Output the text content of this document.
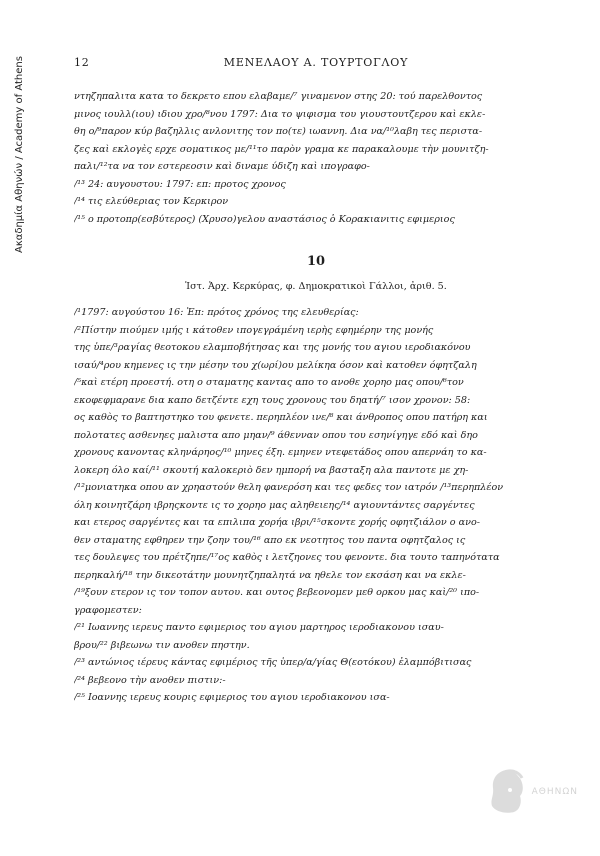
Ακαδημία Αθηνών / Academy of Athens	12	ΜΕΝΕΛΑΟΥ Α. ΤΟΥΡΤΟΓΛΟΥ

ντηζηπαλιτα κατα το δεκρετο επου ελαβαμε/⁷ γιναμενον στης 20: τού παρελθοντος

μινος ιουλλ(ιου) ιδιου χρο/⁸νου 1797: Δια το ψιφισμα του γιουστουτζερου καὶ εκλε-

θη ο/⁹παρον κύρ βαζηλλις ανλονιτης τον πο(τε) ιωαννη. Δια να/¹⁰λαβη τες περιστα-

ζες καὶ εκλογὲς ερχε σοματικος με/¹¹το παρὸν γραμα κε παρακαλουμε τὴν μουνιτζη-

παλι/¹²τα να τον εστερεοσιν καὶ διναμε ύδιζη καὶ ιπογραφο-

/¹³ 24: αυγουστου: 1797: επ: προτος χρονος

/¹⁴ τις ελεύθεριας τον Κερκιρον

/¹⁵ ο προτοπρ(εσβύτερος) (Χρυσο)γελου αναστάσιος ὁ Κορακιανιτις εφιμεριος

10
Ἱστ. Ἀρχ. Κερκύρας, φ. Δημοκρατικοὶ Γάλλοι, ἀριθ. 5.

/¹1797: αυγούστου 16: Ἐπ: πρότος χρόνος της ελευθερίας:

/²Πίστην πιούμεν ιμής ι κάτοθεν ιπογεγράμένη ιερὴς εφημέρην της μονής

της ὑπε/³ραγίας θεοτοκου ελαμποβήτησας και της μονής του αγιου ιεροδιακόνου

ισαύ/⁴ρου κημενες ις την μέσην του χ(ωρί)ου μελίκηα όσον καὶ κατοθεν όφητζαλη

/⁵καὶ ετέρη προεστή. οτη ο σταματης καντας απο το ανοθε χορηο μας οπου/⁶τον

εκοφεφμαρανε δια καπο δετζέντε εχη τους χρονους του δηατή/⁷ ισον χρονον: 58:

ος καθὸς το βαπτηστηκο του φενετε. περηπλέον ινε/⁸ και άνθροπος οπου πατήρη και

πολοτατες ασθενηες μαλιστα απο μηαν/⁹ άθενναν οπου του εσηνίγηγε εδό καὶ δηο

χρονους κανοντας κληνάρηος/¹⁰ μηνες έξη. εμηνεν ντεφετάδος οπου απερνάη το κα-

λοκερη όλο καί/¹¹ σκουτή καλοκεριὸ δεν ημπορή να βασταξη αλα παντοτε με χη-

/¹²μονιατηκα οπου αν χρηαστούν θελη φανερόση και τες φεδες τον ιατρόν /¹³περηπλέον

όλη κοινητζάρη ιβρηςκοντε ις το χορηο μας αληθειεης/¹⁴ αγιουντάντες σαργέντες

και ετερος σαργέντες και τα επιλιπα χορήα ιβρι/¹⁵σκοντε χορής οφητζιάλον ο ανο-

θεν σταματης εφθηρεν την ζοην του/¹⁶ απο εκ νεοτητος του παντα οφητζαλος ις

τες δουλεψες του πρέτζηπε/¹⁷ος καθὸς ι λετζηονες του φενοντε. δια τουτο ταπηνότατα

περηκαλή/¹⁸ την δικεοτάτην μουνητζηπαλητά να ηθελε τον εκσάση και να εκλε-

/¹⁹ξουν ετερον ις τον τοπον αυτου. και ουτος βεβεονομεν μεθ ορκου μας καὶ/²⁰ ιπο-

γραφομεστεν:

/²¹ Ιωαννης ιερευς παντο εφιμεριος του αγιου μαρτηρος ιεροδιακονου ισαυ-

βρου/²² βιβεωνω τιν ανοθεν πηστην.

/²³ αντώνιος ιέρευς κάντας εφιμέριος τῆς ὑπερ/α/γίας Θ(εοτόκου) ἐλαμπόβιτισας

/²⁴ βεβεονο τὴν ανοθεν πιστιν:-

/²⁵ Ιοαννης ιερευς κουρις εφιμεριος του αγιου ιεροδιακονου ισα-

ΑΘΗΝΩΝ
